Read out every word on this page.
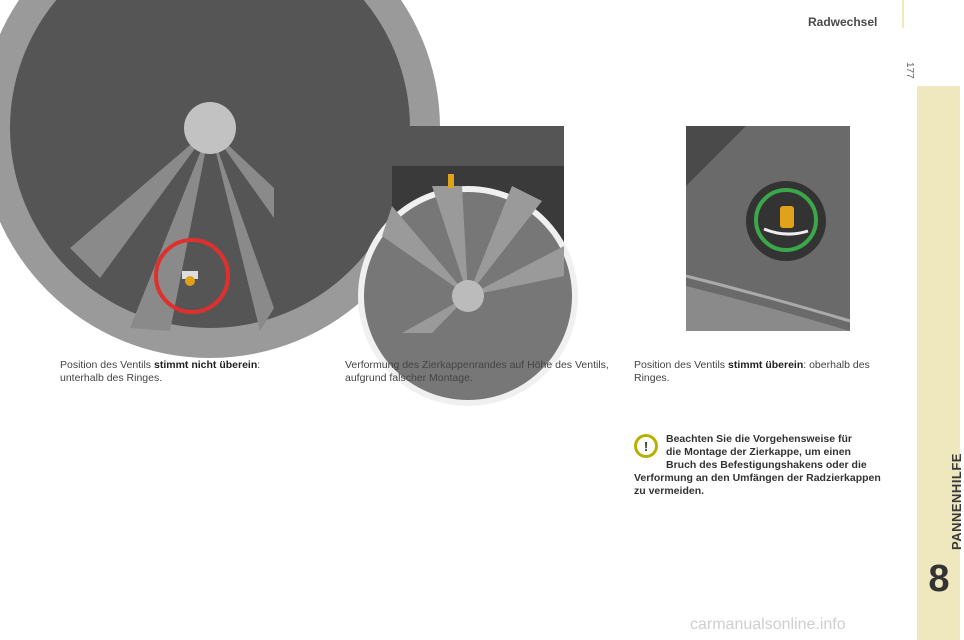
Radwechsel
177
PANNENHILFE
8
Position des Ventils stimmt nicht überein: unterhalb des Ringes.
Verformung des Zierkappenrandes auf Höhe des Ventils, aufgrund falscher Montage.
Position des Ventils stimmt überein: oberhalb des Ringes.
!	Beachten Sie die Vorgehensweise für
die Montage der Zierkappe, um einen
Bruch des Befestigungshakens oder die
Verformung an den Umfängen der Radzierkappen
zu vermeiden.
carmanualsonline.info
